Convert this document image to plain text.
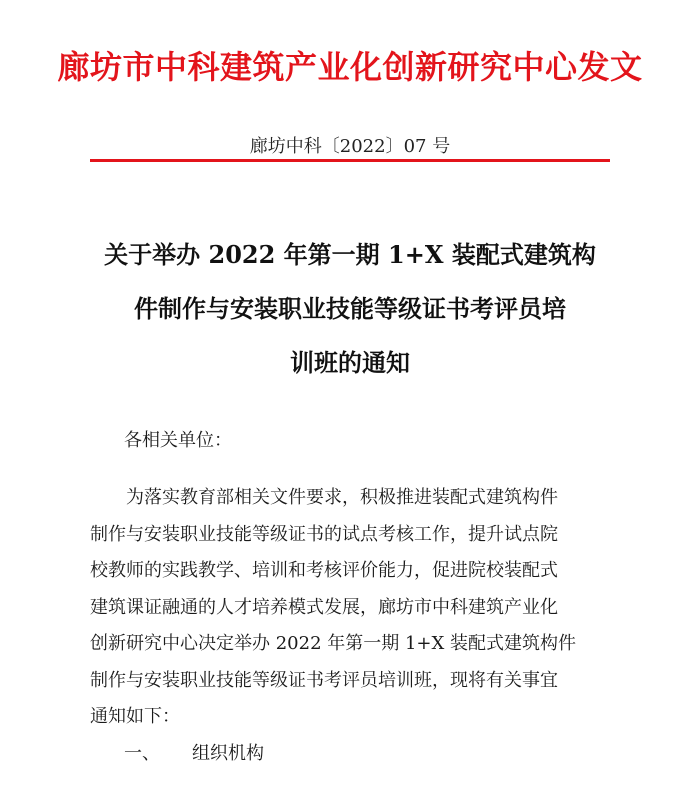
廊坊市中科建筑产业化创新研究中心发文
廊坊中科〔2022〕07 号
关于举办 2022 年第一期 1+X 装配式建筑构
件制作与安装职业技能等级证书考评员培
训班的通知
各相关单位：
为落实教育部相关文件要求，积极推进装配式建筑构件
制作与安装职业技能等级证书的试点考核工作，提升试点院
校教师的实践教学、培训和考核评价能力，促进院校装配式
建筑课证融通的人才培养模式发展，廊坊市中科建筑产业化
创新研究中心决定举办 2022 年第一期 1+X 装配式建筑构件
制作与安装职业技能等级证书考评员培训班，现将有关事宜
通知如下：
一、 组织机构
